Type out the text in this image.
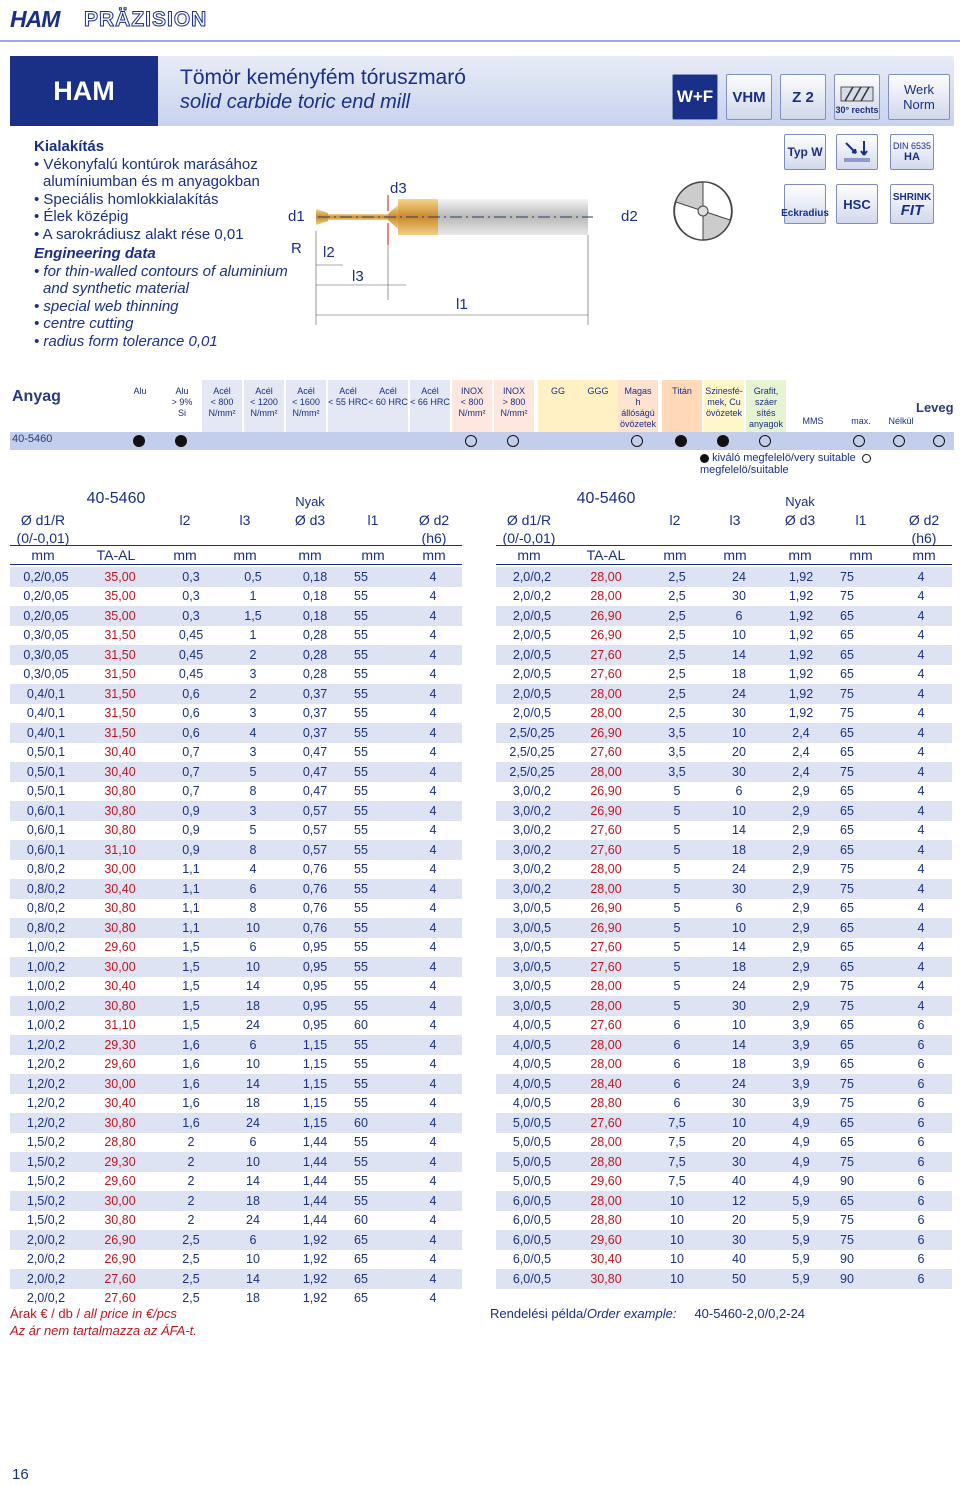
HAM PRÄZISION
HAM	Tömör keményfém tóruszmaró
solid carbide toric end mill	W+F	VHM	Z 2
30° rechts
Werk
Norm
Kialakítás
• Vékonyfalú kontúrok marásához
alumíniumban és m anyagokban
• Speciális homlokkialakítás
• Élek középig
• A sarokrádiusz alakt rése 0,01
Engineering data
• for thin-walled contours of aluminium
and synthetic material
• special web thinning
• centre cutting
• radius form tolerance 0,01
d1
d3
d2
R l2
l3
l1
Typ W
Eckradius
HSC
DIN 6535
HA
SHRINK
FIT
Anyag
Leveg
Alu	Alu
> 9%
Si
Acél
< 800
N/mm²
Acél
< 1200
N/mm²
Acél
< 1600
N/mm²
Acél
< 55 HRC
Acél
< 60 HRC
Acél
< 66 HRC
INOX
< 800
N/mm²
INOX
> 800
N/mm²
GG	GGG	Magas
h állóságú
övözetek
Titán	Szinesfé-
mek, Cu
övözetek
Grafit,
száer sítés
anyagok	MMS	max.	Nélkül
40-5460
kiváló megfelelö/very suitable   megfelelö/suitable
40-5460	Nyak
Ø d1/R
(0/-0,01)
l2	l3	Ø d3	l1	Ø d2
(h6)
mm	TA-AL	mm	mm	mm	mm	mm
40-5460	Nyak
Ø d1/R
(0/-0,01)
l2	l3	Ø d3	l1	Ø d2
(h6)
mm	TA-AL	mm	mm	mm	mm	mm
0,2/0,05	35,00	0,3	0,5	0,18	55	4
0,2/0,05	35,00	0,3	1	0,18	55	4
0,2/0,05	35,00	0,3	1,5	0,18	55	4
0,3/0,05	31,50	0,45	1	0,28	55	4
0,3/0,05	31,50	0,45	2	0,28	55	4
0,3/0,05	31,50	0,45	3	0,28	55	4
0,4/0,1	31,50	0,6	2	0,37	55	4
0,4/0,1	31,50	0,6	3	0,37	55	4
0,4/0,1	31,50	0,6	4	0,37	55	4
0,5/0,1	30,40	0,7	3	0,47	55	4
0,5/0,1	30,40	0,7	5	0,47	55	4
0,5/0,1	30,80	0,7	8	0,47	55	4
0,6/0,1	30,80	0,9	3	0,57	55	4
0,6/0,1	30,80	0,9	5	0,57	55	4
0,6/0,1	31,10	0,9	8	0,57	55	4
0,8/0,2	30,00	1,1	4	0,76	55	4
0,8/0,2	30,40	1,1	6	0,76	55	4
0,8/0,2	30,80	1,1	8	0,76	55	4
0,8/0,2	30,80	1,1	10	0,76	55	4
1,0/0,2	29,60	1,5	6	0,95	55	4
1,0/0,2	30,00	1,5	10	0,95	55	4
1,0/0,2	30,40	1,5	14	0,95	55	4
1,0/0,2	30,80	1,5	18	0,95	55	4
1,0/0,2	31,10	1,5	24	0,95	60	4
1,2/0,2	29,30	1,6	6	1,15	55	4
1,2/0,2	29,60	1,6	10	1,15	55	4
1,2/0,2	30,00	1,6	14	1,15	55	4
1,2/0,2	30,40	1,6	18	1,15	55	4
1,2/0,2	30,80	1,6	24	1,15	60	4
1,5/0,2	28,80	2	6	1,44	55	4
1,5/0,2	29,30	2	10	1,44	55	4
1,5/0,2	29,60	2	14	1,44	55	4
1,5/0,2	30,00	2	18	1,44	55	4
1,5/0,2	30,80	2	24	1,44	60	4
2,0/0,2	26,90	2,5	6	1,92	65	4
2,0/0,2	26,90	2,5	10	1,92	65	4
2,0/0,2	27,60	2,5	14	1,92	65	4
2,0/0,2	27,60	2,5	18	1,92	65	4
2,0/0,2	28,00	2,5	24	1,92	75	4
2,0/0,2	28,00	2,5	30	1,92	75	4
2,0/0,5	26,90	2,5	6	1,92	65	4
2,0/0,5	26,90	2,5	10	1,92	65	4
2,0/0,5	27,60	2,5	14	1,92	65	4
2,0/0,5	27,60	2,5	18	1,92	65	4
2,0/0,5	28,00	2,5	24	1,92	75	4
2,0/0,5	28,00	2,5	30	1,92	75	4
2,5/0,25	26,90	3,5	10	2,4	65	4
2,5/0,25	27,60	3,5	20	2,4	65	4
2,5/0,25	28,00	3,5	30	2,4	75	4
3,0/0,2	26,90	5	6	2,9	65	4
3,0/0,2	26,90	5	10	2,9	65	4
3,0/0,2	27,60	5	14	2,9	65	4
3,0/0,2	27,60	5	18	2,9	65	4
3,0/0,2	28,00	5	24	2,9	75	4
3,0/0,2	28,00	5	30	2,9	75	4
3,0/0,5	26,90	5	6	2,9	65	4
3,0/0,5	26,90	5	10	2,9	65	4
3,0/0,5	27,60	5	14	2,9	65	4
3,0/0,5	27,60	5	18	2,9	65	4
3,0/0,5	28,00	5	24	2,9	75	4
3,0/0,5	28,00	5	30	2,9	75	4
4,0/0,5	27,60	6	10	3,9	65	6
4,0/0,5	28,00	6	14	3,9	65	6
4,0/0,5	28,00	6	18	3,9	65	6
4,0/0,5	28,40	6	24	3,9	75	6
4,0/0,5	28,80	6	30	3,9	75	6
5,0/0,5	27,60	7,5	10	4,9	65	6
5,0/0,5	28,00	7,5	20	4,9	65	6
5,0/0,5	28,80	7,5	30	4,9	75	6
5,0/0,5	29,60	7,5	40	4,9	90	6
6,0/0,5	28,00	10	12	5,9	65	6
6,0/0,5	28,80	10	20	5,9	75	6
6,0/0,5	29,60	10	30	5,9	75	6
6,0/0,5	30,40	10	40	5,9	90	6
6,0/0,5	30,80	10	50	5,9	90	6
Árak € / db / all price in €/pcs
Az ár nem tartalmazza az ÁFA-t.
Rendelési példa/Order example: 40-5460-2,0/0,2-24
16
